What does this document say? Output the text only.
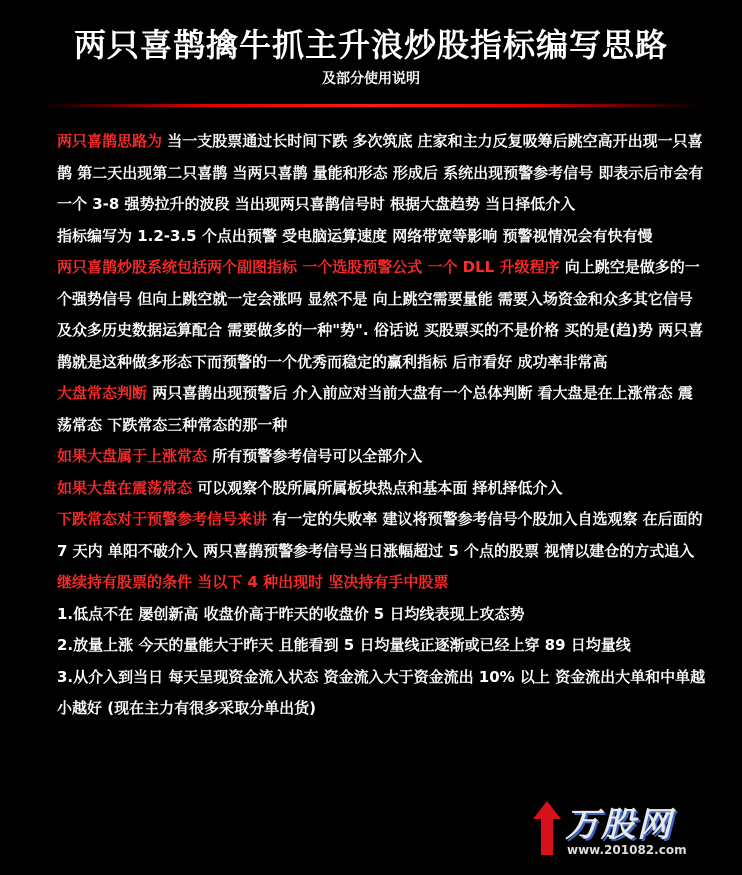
两只喜鹊擒牛抓主升浪炒股指标编写思路
及部分使用说明

两只喜鹊思路为 当一支股票通过长时间下跌 多次筑底 庄家和主力反复吸筹后跳空高开出现一只喜鹊 第二天出现第二只喜鹊 当两只喜鹊 量能和形态 形成后 系统出现预警参考信号 即表示后市会有一个 3-8 强势拉升的波段 当出现两只喜鹊信号时 根据大盘趋势 当日择低介入

指标编写为 1.2-3.5 个点出预警 受电脑运算速度 网络带宽等影响 预警视情况会有快有慢

两只喜鹊炒股系统包括两个副图指标 一个选股预警公式 一个 DLL 升级程序 向上跳空是做多的一个强势信号 但向上跳空就一定会涨吗 显然不是 向上跳空需要量能 需要入场资金和众多其它信号及众多历史数据运算配合 需要做多的一种"势". 俗话说 买股票买的不是价格 买的是(趋)势 两只喜鹊就是这种做多形态下而预警的一个优秀而稳定的赢利指标 后市看好 成功率非常高

大盘常态判断 两只喜鹊出现预警后 介入前应对当前大盘有一个总体判断 看大盘是在上涨常态 震荡常态 下跌常态三种常态的那一种

如果大盘属于上涨常态 所有预警参考信号可以全部介入

如果大盘在震荡常态 可以观察个股所属所属板块热点和基本面 择机择低介入

下跌常态对于预警参考信号来讲 有一定的失败率 建议将预警参考信号个股加入自选观察 在后面的 7 天内 单阳不破介入 两只喜鹊预警参考信号当日涨幅超过 5 个点的股票 视情以建仓的方式追入

继续持有股票的条件 当以下 4 种出现时 坚决持有手中股票

1.低点不在 屡创新高 收盘价高于昨天的收盘价 5 日均线表现上攻态势

2.放量上涨 今天的量能大于昨天 且能看到 5 日均量线正逐渐或已经上穿 89 日均量线

3.从介入到当日 每天呈现资金流入状态 资金流入大于资金流出 10% 以上 资金流出大单和中单越小越好 (现在主力有很多采取分单出货)

万股网
www.201082.com
